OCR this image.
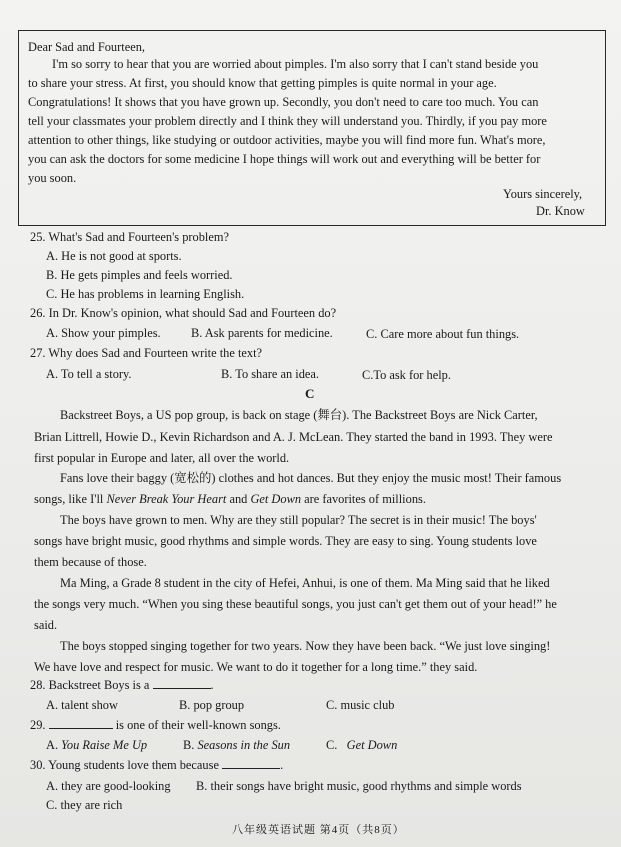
Dear Sad and Fourteen,
I'm so sorry to hear that you are worried about pimples. I'm also sorry that I can't stand beside you
to share your stress. At first, you should know that getting pimples is quite normal in your age.
Congratulations! It shows that you have grown up. Secondly, you don't need to care too much. You can
tell your classmates your problem directly and I think they will understand you. Thirdly, if you pay more
attention to other things, like studying or outdoor activities, maybe you will find more fun. What's more,
you can ask the doctors for some medicine I hope things will work out and everything will be better for
you soon.
Yours sincerely,
Dr. Know
25. What's Sad and Fourteen's problem?
A. He is not good at sports.
B. He gets pimples and feels worried.
C. He has problems in learning English.
26. In Dr. Know's opinion, what should Sad and Fourteen do?
A. Show your pimples. B. Ask parents for medicine.	C. Care more about fun things.
27. Why does Sad and Fourteen write the text?
A. To tell a story.	B. To share an idea.	C.To ask for help.
C
Backstreet Boys, a US pop group, is back on stage (舞台). The Backstreet Boys are Nick Carter,
Brian Littrell, Howie D., Kevin Richardson and A. J. McLean. They started the band in 1993. They were
first popular in Europe and later, all over the world.
Fans love their baggy (宽松的) clothes and hot dances. But they enjoy the music most! Their famous
songs, like I'll Never Break Your Heart and Get Down are favorites of millions.
The boys have grown to men. Why are they still popular? The secret is in their music! The boys'
songs have bright music, good rhythms and simple words. They are easy to sing. Young students love
them because of those.
Ma Ming, a Grade 8 student in the city of Hefei, Anhui, is one of them. Ma Ming said that he liked
the songs very much. “When you sing these beautiful songs, you just can't get them out of your head!” he
said.
The boys stopped singing together for two years. Now they have been back. “We just love singing!
We have love and respect for music. We want to do it together for a long time.” they said.
28. Backstreet Boys is a	.
A. talent show	B. pop group	C. music club
29.	is one of their well-known songs.
A. You Raise Me Up	B. Seasons in the Sun	C. Get Down
30. Young students love them because	.
A. they are good-looking B. their songs have bright music, good rhythms and simple words
C. they are rich
八年级英语试题 第4页（共8页）
